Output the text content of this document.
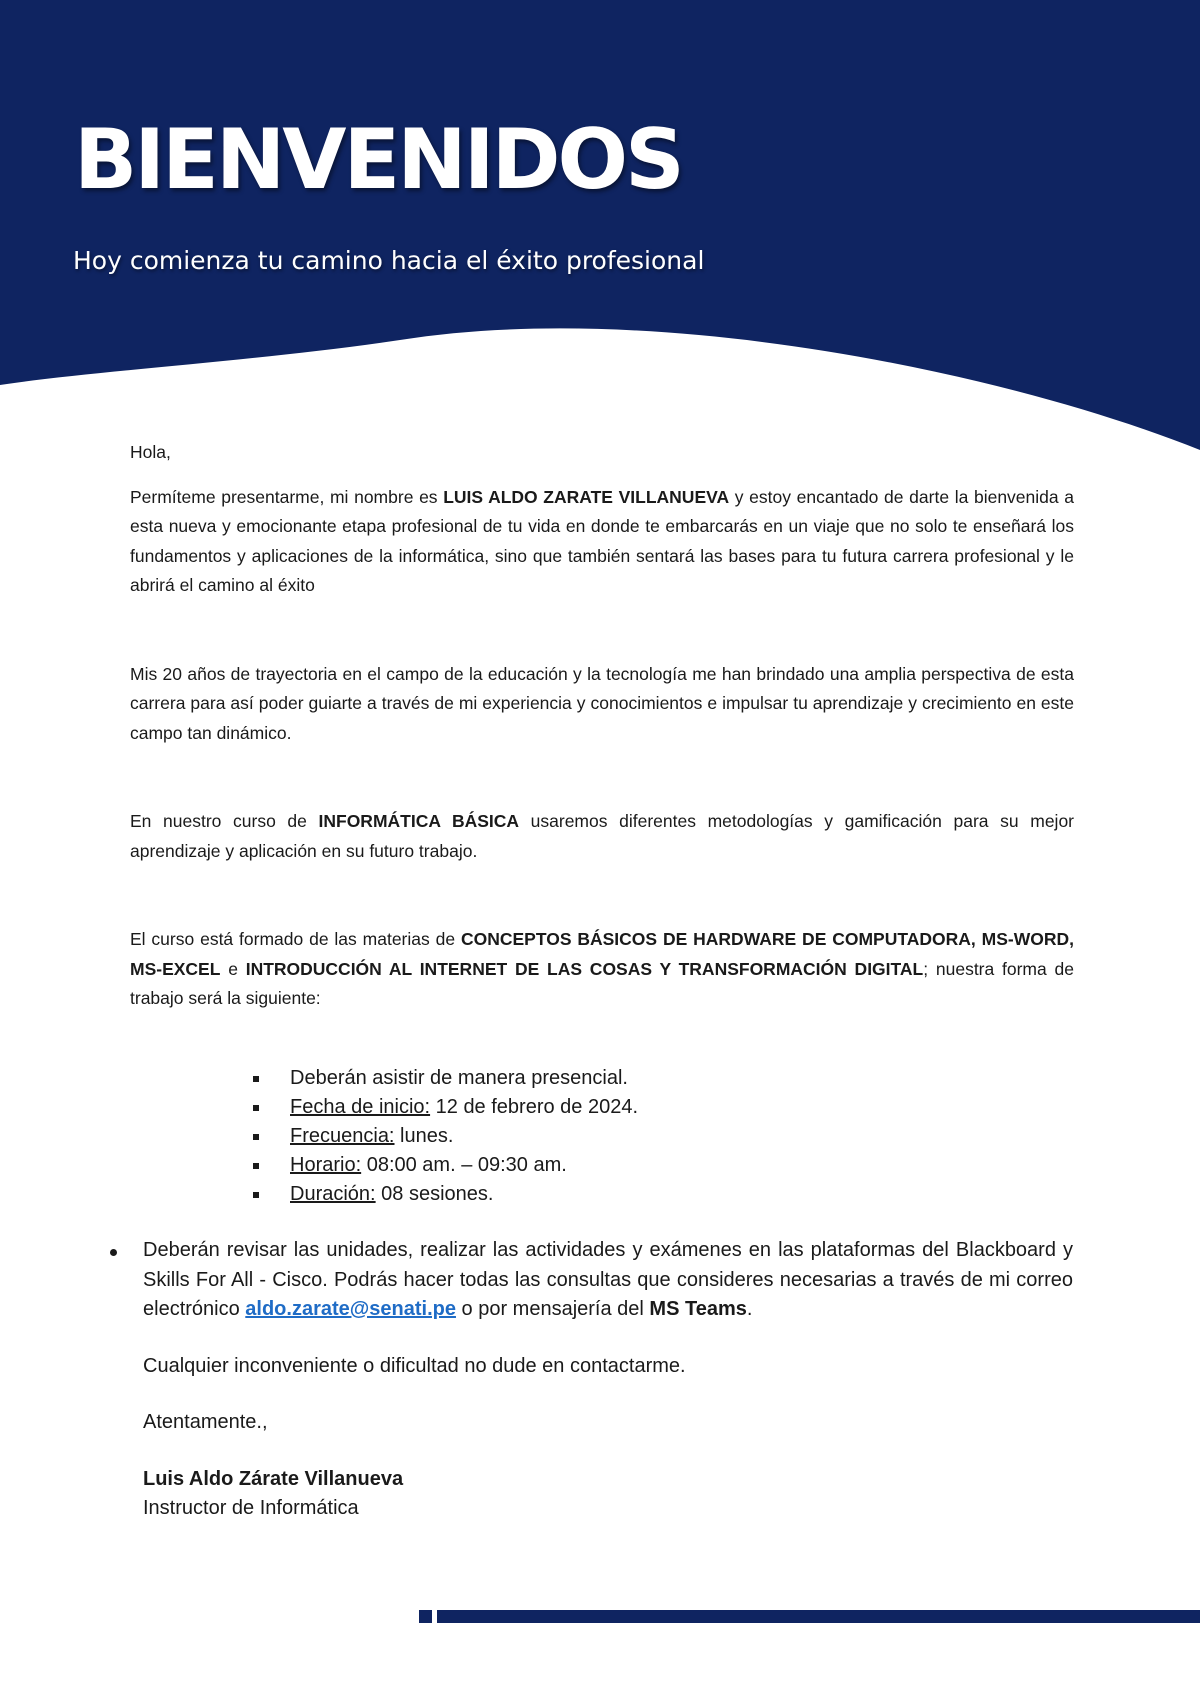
BIENVENIDOS

Hoy comienza tu camino hacia el éxito profesional

Hola,

Permíteme presentarme, mi nombre es LUIS ALDO ZARATE VILLANUEVA y estoy encantado de darte la bienvenida a esta nueva y emocionante etapa profesional de tu vida en donde te embarcarás en un viaje que no solo te enseñará los fundamentos y aplicaciones de la informática, sino que también sentará las bases para tu futura carrera profesional y le abrirá el camino al éxito

Mis 20 años de trayectoria en el campo de la educación y la tecnología me han brindado una amplia perspectiva de esta carrera para así poder guiarte a través de mi experiencia y conocimientos e impulsar tu aprendizaje y crecimiento en este campo tan dinámico.

En nuestro curso de INFORMÁTICA BÁSICA usaremos diferentes metodologías y gamificación para su mejor aprendizaje y aplicación en su futuro trabajo.

El curso está formado de las materias de CONCEPTOS BÁSICOS DE HARDWARE DE COMPUTADORA, MS-WORD, MS-EXCEL e INTRODUCCIÓN AL INTERNET DE LAS COSAS Y TRANSFORMACIÓN DIGITAL; nuestra forma de trabajo será la siguiente:

Deberán asistir de manera presencial.
Fecha de inicio: 12 de febrero de 2024.
Frecuencia: lunes.
Horario: 08:00 am. – 09:30 am.
Duración: 08 sesiones.

Deberán revisar las unidades, realizar las actividades y exámenes en las plataformas del Blackboard y Skills For All - Cisco. Podrás hacer todas las consultas que consideres necesarias a través de mi correo electrónico aldo.zarate@senati.pe o por mensajería del MS Teams.

Cualquier inconveniente o dificultad no dude en contactarme.

Atentamente.,

Luis Aldo Zárate Villanueva

Instructor de Informática
